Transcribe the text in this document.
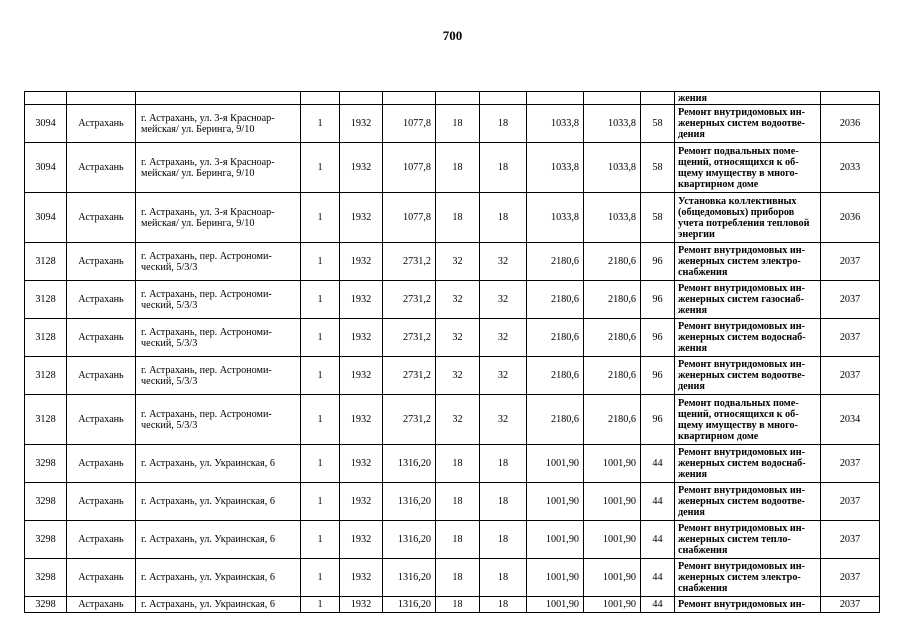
700
											жения	
3094	Астрахань	г. Астрахань, ул. 3-я Красноар-
мейская/ ул. Беринга, 9/10	1	1932	1077,8	18	18	1033,8	1033,8	58	Ремонт внутридомовых ин-
женерных систем водоотве-
дения	2036
3094	Астрахань	г. Астрахань, ул. 3-я Красноар-
мейская/ ул. Беринга, 9/10	1	1932	1077,8	18	18	1033,8	1033,8	58	Ремонт подвальных поме-
щений, относящихся к об-
щему имуществу в много-
квартирном доме	2033
3094	Астрахань	г. Астрахань, ул. 3-я Красноар-
мейская/ ул. Беринга, 9/10	1	1932	1077,8	18	18	1033,8	1033,8	58	Установка коллективных
(общедомовых) приборов
учета потребления тепловой
энергии	2036
3128	Астрахань	г. Астрахань, пер. Астрономи-
ческий, 5/3/3	1	1932	2731,2	32	32	2180,6	2180,6	96	Ремонт внутридомовых ин-
женерных систем электро-
снабжения	2037
3128	Астрахань	г. Астрахань, пер. Астрономи-
ческий, 5/3/3	1	1932	2731,2	32	32	2180,6	2180,6	96	Ремонт внутридомовых ин-
женерных систем газоснаб-
жения	2037
3128	Астрахань	г. Астрахань, пер. Астрономи-
ческий, 5/3/3	1	1932	2731,2	32	32	2180,6	2180,6	96	Ремонт внутридомовых ин-
женерных систем водоснаб-
жения	2037
3128	Астрахань	г. Астрахань, пер. Астрономи-
ческий, 5/3/3	1	1932	2731,2	32	32	2180,6	2180,6	96	Ремонт внутридомовых ин-
женерных систем водоотве-
дения	2037
3128	Астрахань	г. Астрахань, пер. Астрономи-
ческий, 5/3/3	1	1932	2731,2	32	32	2180,6	2180,6	96	Ремонт подвальных поме-
щений, относящихся к об-
щему имуществу в много-
квартирном доме	2034
3298	Астрахань	г. Астрахань, ул. Украинская, 6	1	1932	1316,20	18	18	1001,90	1001,90	44	Ремонт внутридомовых ин-
женерных систем водоснаб-
жения	2037
3298	Астрахань	г. Астрахань, ул. Украинская, 6	1	1932	1316,20	18	18	1001,90	1001,90	44	Ремонт внутридомовых ин-
женерных систем водоотве-
дения	2037
3298	Астрахань	г. Астрахань, ул. Украинская, 6	1	1932	1316,20	18	18	1001,90	1001,90	44	Ремонт внутридомовых ин-
женерных систем тепло-
снабжения	2037
3298	Астрахань	г. Астрахань, ул. Украинская, 6	1	1932	1316,20	18	18	1001,90	1001,90	44	Ремонт внутридомовых ин-
женерных систем электро-
снабжения	2037
3298	Астрахань	г. Астрахань, ул. Украинская, 6	1	1932	1316,20	18	18	1001,90	1001,90	44	Ремонт внутридомовых ин-	2037
